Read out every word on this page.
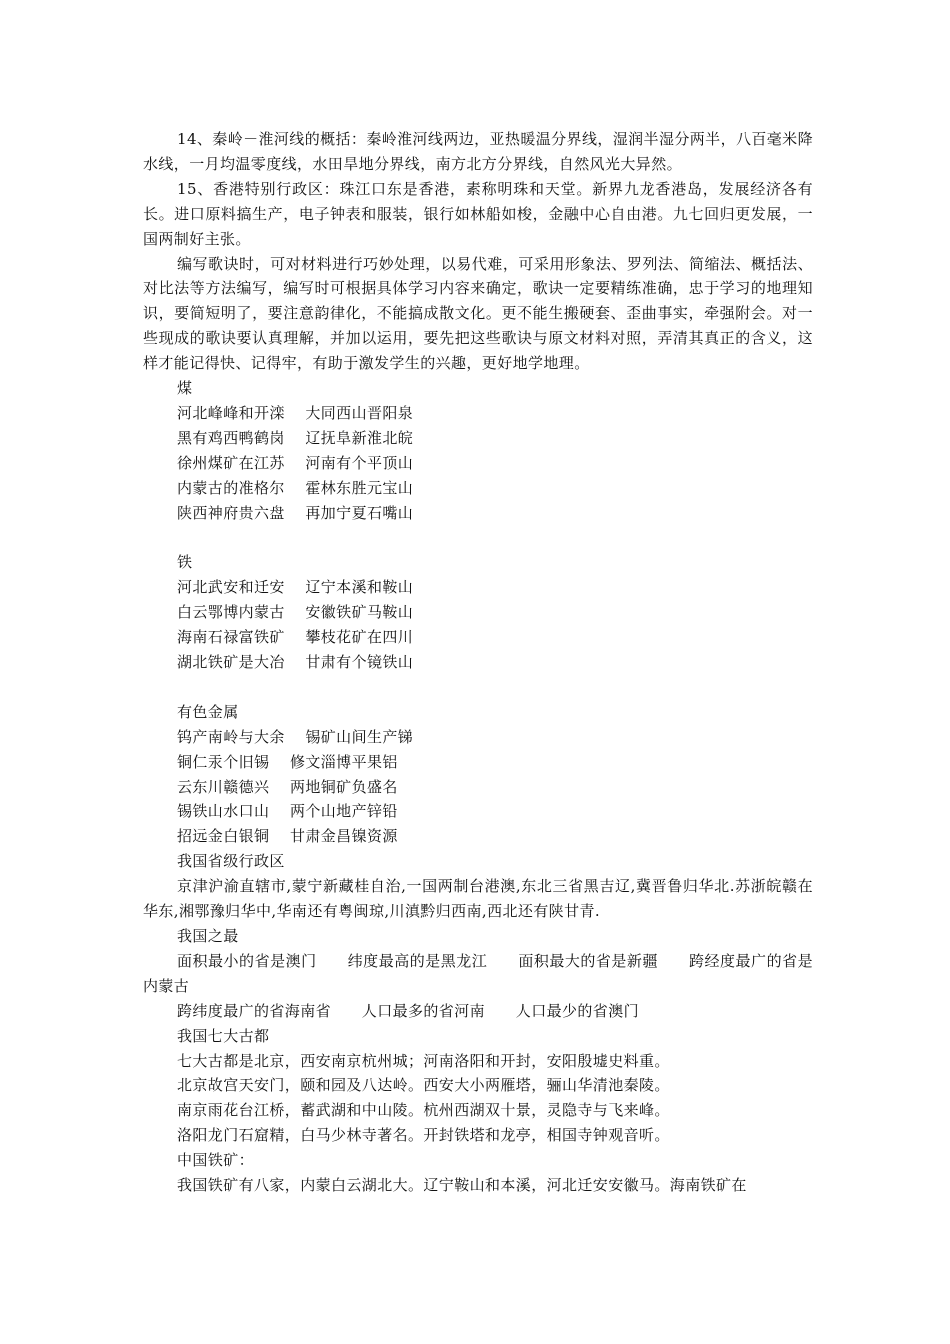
14、秦岭－淮河线的概括：秦岭淮河线两边，亚热暖温分界线，湿润半湿分两半，八百毫米降水线，一月均温零度线，水田旱地分界线，南方北方分界线，自然风光大异然。

15、香港特别行政区：珠江口东是香港，素称明珠和天堂。新界九龙香港岛，发展经济各有长。进口原料搞生产，电子钟表和服装，银行如林船如梭，金融中心自由港。九七回归更发展，一国两制好主张。

编写歌诀时，可对材料进行巧妙处理，以易代难，可采用形象法、罗列法、简缩法、概括法、对比法等方法编写，编写时可根据具体学习内容来确定，歌诀一定要精练准确，忠于学习的地理知识，要简短明了，要注意韵律化，不能搞成散文化。更不能生搬硬套、歪曲事实，牵强附会。对一些现成的歌诀要认真理解，并加以运用，要先把这些歌诀与原文材料对照，弄清其真正的含义，这样才能记得快、记得牢，有助于激发学生的兴趣，更好地学地理。

煤

河北峰峰和开滦　 大同西山晋阳泉

黑有鸡西鸭鹤岗　 辽抚阜新淮北皖

徐州煤矿在江苏　 河南有个平顶山

内蒙古的准格尔　 霍林东胜元宝山

陕西神府贵六盘　 再加宁夏石嘴山

铁

河北武安和迁安　 辽宁本溪和鞍山

白云鄂博内蒙古　 安徽铁矿马鞍山

海南石禄富铁矿　 攀枝花矿在四川

湖北铁矿是大冶　 甘肃有个镜铁山

有色金属

钨产南岭与大余　 锡矿山间生产锑

铜仁汞个旧锡　 修文淄博平果铝

云东川赣德兴　 两地铜矿负盛名

锡铁山水口山　 两个山地产锌铅

招远金白银铜　 甘肃金昌镍资源

我国省级行政区

京津沪渝直辖市,蒙宁新藏桂自治,一国两制台港澳,东北三省黑吉辽,冀晋鲁归华北.苏浙皖赣在华东,湘鄂豫归华中,华南还有粤闽琼,川滇黔归西南,西北还有陕甘青.

我国之最

面积最小的省是澳门　　纬度最高的是黑龙江　　面积最大的省是新疆　　跨经度最广的省是内蒙古

跨纬度最广的省海南省　　人口最多的省河南　　人口最少的省澳门

我国七大古都

七大古都是北京，西安南京杭州城；河南洛阳和开封，安阳殷墟史料重。

北京故宫天安门，颐和园及八达岭。西安大小两雁塔，骊山华清池秦陵。

南京雨花台江桥，蓄武湖和中山陵。杭州西湖双十景，灵隐寺与飞来峰。

洛阳龙门石窟精，白马少林寺著名。开封铁塔和龙亭，相国寺钟观音听。

中国铁矿：

我国铁矿有八家，内蒙白云湖北大。辽宁鞍山和本溪，河北迁安安徽马。海南铁矿在
